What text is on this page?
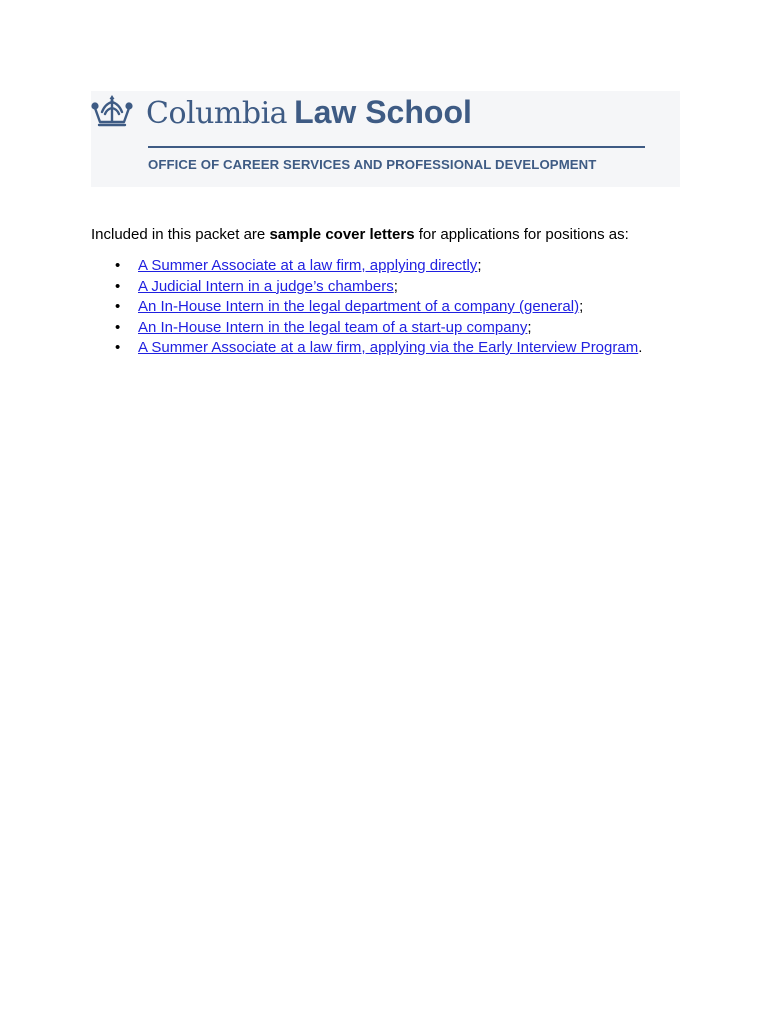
Columbia Law School
OFFICE OF CAREER SERVICES AND PROFESSIONAL DEVELOPMENT
Included in this packet are sample cover letters for applications for positions as:
• A Summer Associate at a law firm, applying directly;
• A Judicial Intern in a judge’s chambers;
• An In-House Intern in the legal department of a company (general);
• An In-House Intern in the legal team of a start-up company;
• A Summer Associate at a law firm, applying via the Early Interview Program.
